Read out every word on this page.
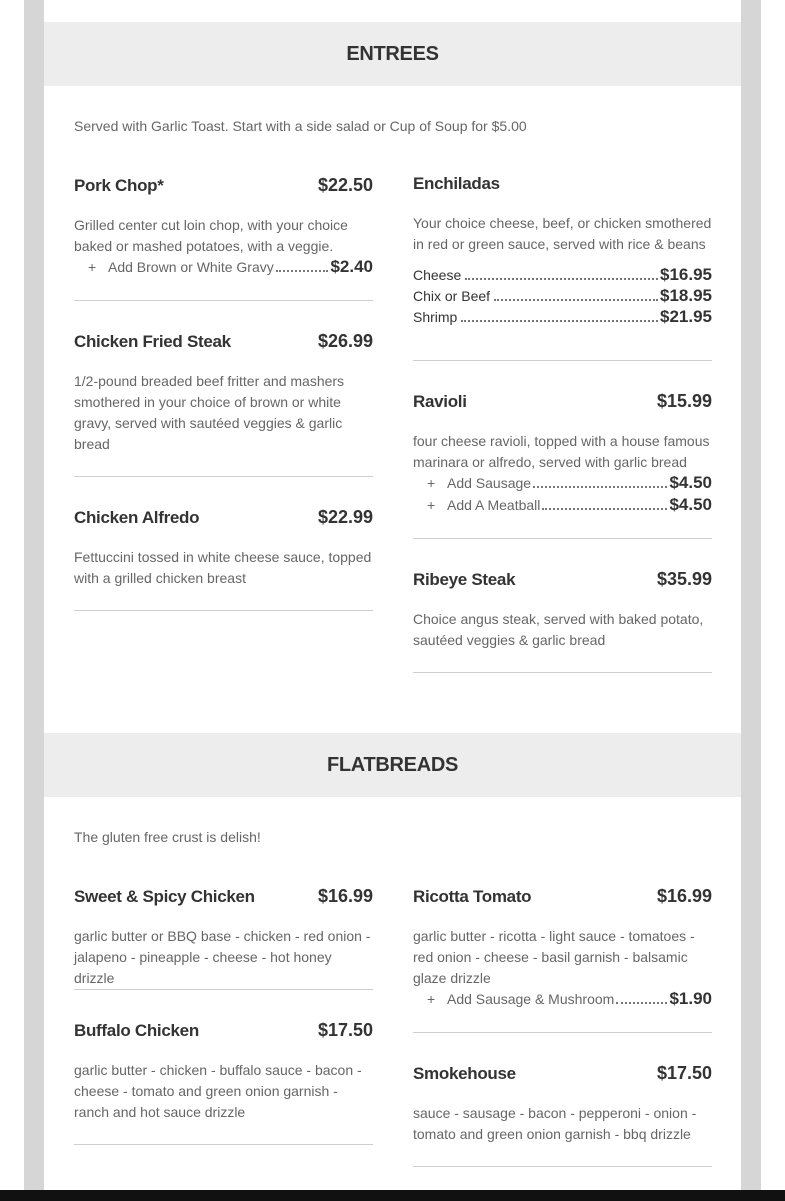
ENTREES
Served with Garlic Toast. Start with a side salad or Cup of Soup for $5.00
Pork Chop*	$22.50
Grilled center cut loin chop, with your choice baked or mashed potatoes, with a veggie.
+ Add Brown or White Gravy	$2.40
Chicken Fried Steak	$26.99
1/2-pound breaded beef fritter and mashers smothered in your choice of brown or white gravy, served with sautéed veggies & garlic bread
Chicken Alfredo	$22.99
Fettuccini tossed in white cheese sauce, topped with a grilled chicken breast
Enchiladas
Your choice cheese, beef, or chicken smothered in red or green sauce, served with rice & beans
Cheese	$16.95
Chix or Beef	$18.95
Shrimp	$21.95
Ravioli	$15.99
four cheese ravioli, topped with a house famous marinara or alfredo, served with garlic bread
+ Add Sausage	$4.50
+ Add A Meatball	$4.50
Ribeye Steak	$35.99
Choice angus steak, served with baked potato, sautéed veggies & garlic bread
FLATBREADS
The gluten free crust is delish!
Sweet & Spicy Chicken	$16.99
garlic butter or BBQ base - chicken - red onion - jalapeno - pineapple - cheese - hot honey drizzle
Buffalo Chicken	$17.50
garlic butter - chicken - buffalo sauce - bacon - cheese - tomato and green onion garnish - ranch and hot sauce drizzle
Ricotta Tomato	$16.99
garlic butter - ricotta - light sauce - tomatoes - red onion - cheese - basil garnish - balsamic glaze drizzle
+ Add Sausage & Mushroom	$1.90
Smokehouse	$17.50
sauce - sausage - bacon - pepperoni - onion - tomato and green onion garnish - bbq drizzle
